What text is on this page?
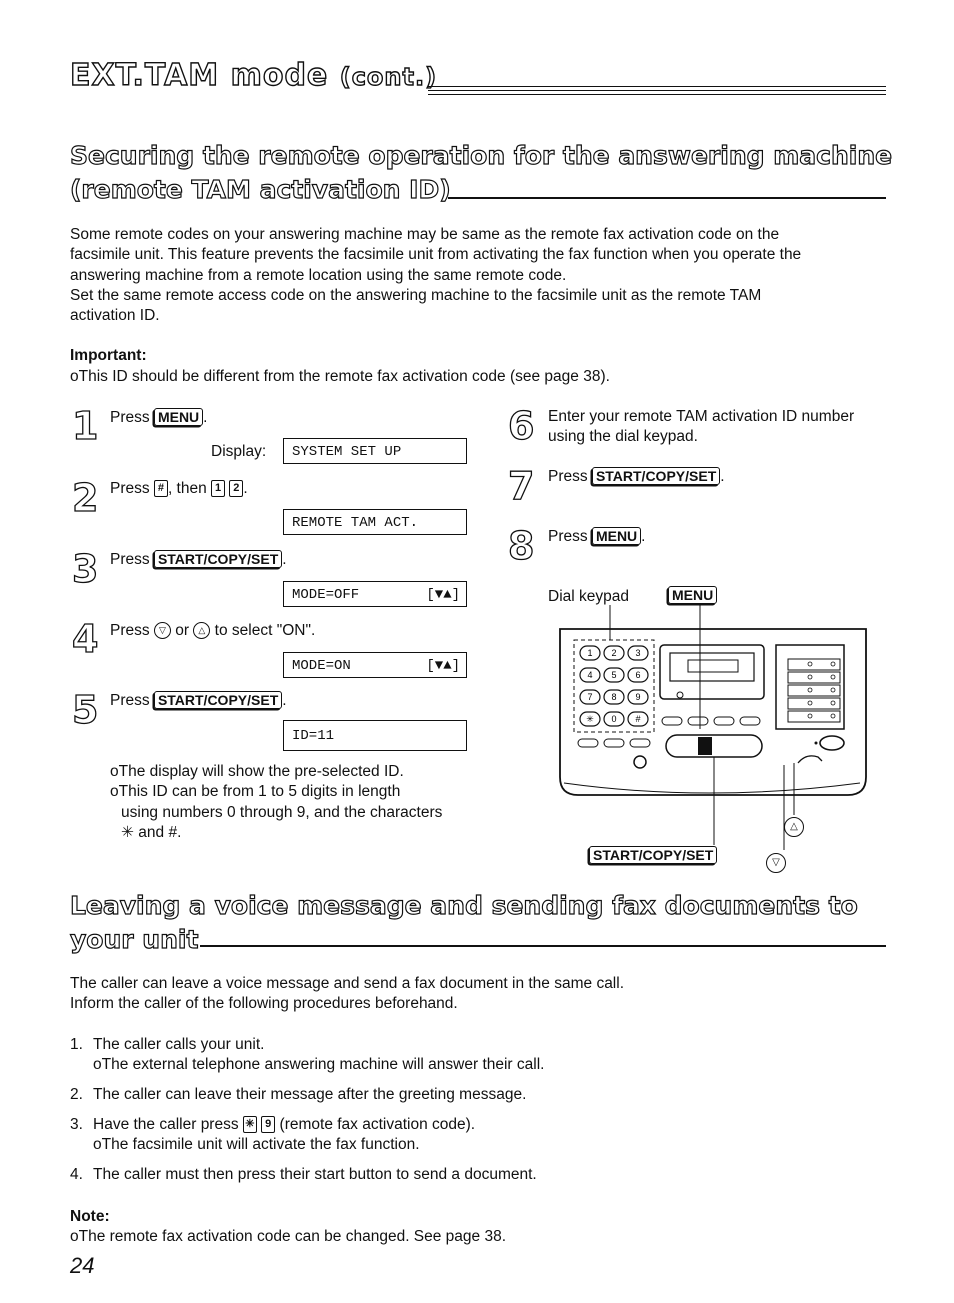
EXT.TAM mode (cont.)
Securing the remote operation for the answering machine
(remote TAM activation ID)
Some remote codes on your answering machine may be same as the remote fax activation code on the
facsimile unit. This feature prevents the facsimile unit from activating the fax function when you operate the
answering machine from a remote location using the same remote code.
Set the same remote access code on the answering machine to the facsimile unit as the remote TAM
activation ID.
Important:
oThis ID should be different from the remote fax activation code (see page 38).
1 Press MENU .
Display:	SYSTEM SET UP
2 Press # , then 1 2 .
REMOTE TAM ACT.
3 Press START/COPY/SET .
MODE=OFF	[▼▲]
4 Press ▽ or △ to select "ON".
MODE=ON	[▼▲]
5 Press START/COPY/SET .
ID=11
oThe display will show the pre-selected ID.
oThis ID can be from 1 to 5 digits in length
using numbers 0 through 9, and the characters
✳ and #.
6 Enter your remote TAM activation ID number
using the dial keypad.
7 Press START/COPY/SET .
8 Press MENU .
Dial keypad	MENU
1 2 3
4 5 6
7 8 9
✳ 0 #
△
▽
START/COPY/SET
Leaving a voice message and sending fax documents to
your unit
The caller can leave a voice message and send a fax document in the same call.
Inform the caller of the following procedures beforehand.
1. The caller calls your unit.
oThe external telephone answering machine will answer their call.
2. The caller can leave their message after the greeting message.
3. Have the caller press ✳ 9 (remote fax activation code).
oThe facsimile unit will activate the fax function.
4. The caller must then press their start button to send a document.
Note:
oThe remote fax activation code can be changed. See page 38.
24
